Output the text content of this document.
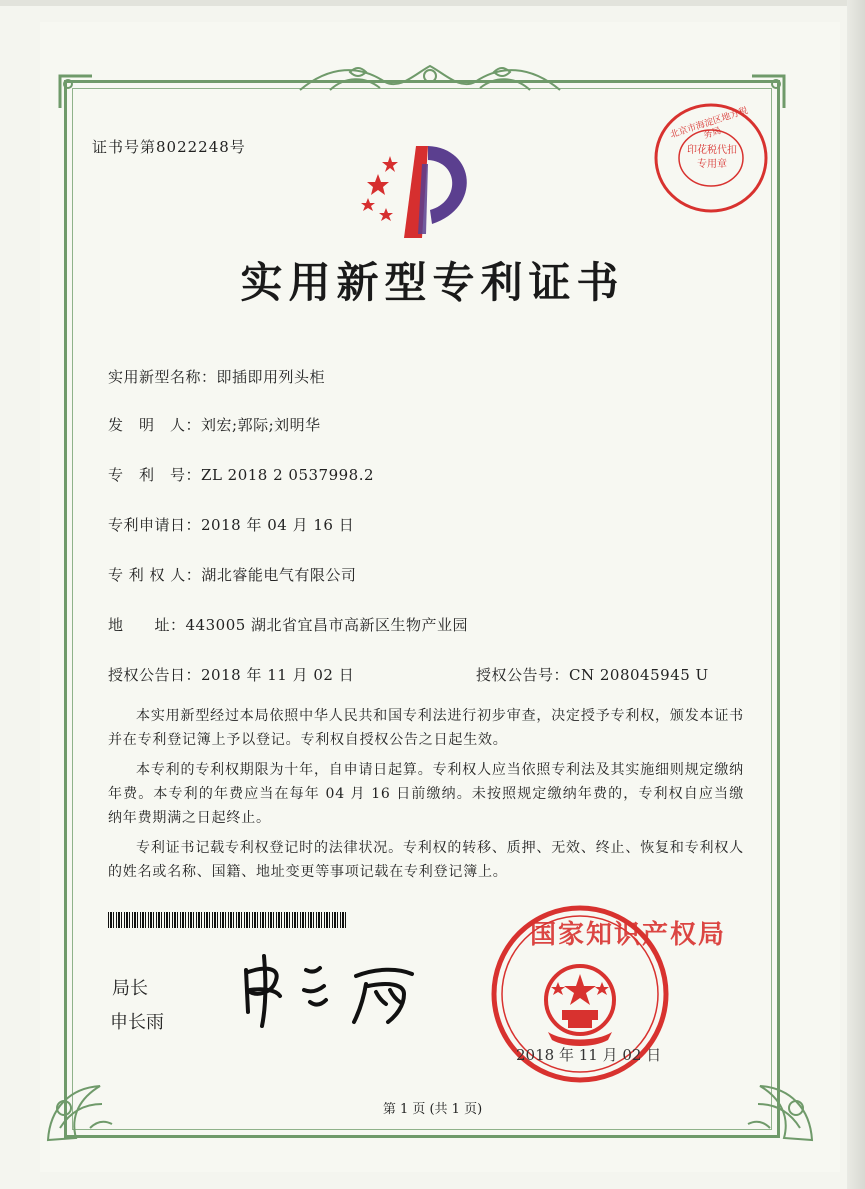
证书号第8022248号
北京市海淀区地方税务局
印花税代扣专用章
实用新型专利证书
实用新型名称：即插即用列头柜
发　明　人：刘宏;郭际;刘明华
专　利　号：ZL 2018 2 0537998.2
专利申请日：2018 年 04 月 16 日
专 利 权 人：湖北睿能电气有限公司
地　　址：443005 湖北省宜昌市高新区生物产业园
授权公告日：2018 年 11 月 02 日	授权公告号：CN 208045945 U
本实用新型经过本局依照中华人民共和国专利法进行初步审查，决定授予专利权，颁发本证书并在专利登记簿上予以登记。专利权自授权公告之日起生效。
本专利的专利权期限为十年，自申请日起算。专利权人应当依照专利法及其实施细则规定缴纳年费。本专利的年费应当在每年 04 月 16 日前缴纳。未按照规定缴纳年费的，专利权自应当缴纳年费期满之日起终止。
专利证书记载专利权登记时的法律状况。专利权的转移、质押、无效、终止、恢复和专利权人的姓名或名称、国籍、地址变更等事项记载在专利登记簿上。
局长
申长雨
国家知识产权局
2018 年 11 月 02 日
第 1 页 (共 1 页)
